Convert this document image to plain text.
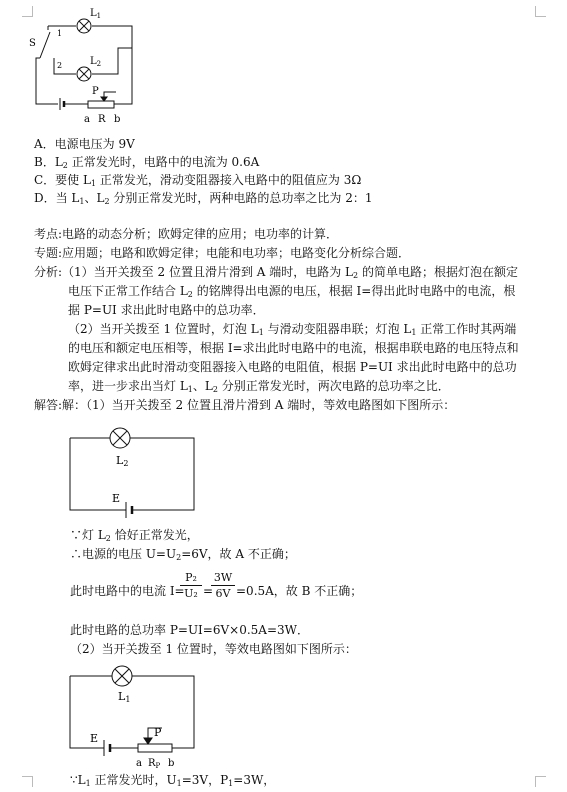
$L_1$
$L_2$
S
1
2
P
a R b
A．电源电压为 9V
B．$L_2$ 正常发光时，电路中的电流为 0.6A
C．要使 $L_1$ 正常发光，滑动变阻器接入电路中的阻值应为 3Ω
D．当 $L_1$、$L_2$ 分别正常发光时，两种电路的总功率之比为 2：1
考点:电路的动态分析；欧姆定律的应用；电功率的计算．
专题:应用题；电路和欧姆定律；电能和电功率；电路变化分析综合题．
分析:（1）当开关拨至 2 位置且滑片滑到 A 端时，电路为 $L_2$ 的简单电路；根据灯泡在额定
电压下正常工作结合 $L_2$ 的铭牌得出电源的电压，根据 I=得出此时电路中的电流，根
据 P=UI 求出此时电路中的总功率．
（2）当开关拨至 1 位置时，灯泡 $L_1$ 与滑动变阻器串联；灯泡 $L_1$ 正常工作时其两端
的电压和额定电压相等，根据 I=求出此时电路中的电流，根据串联电路的电压特点和
欧姆定律求出此时滑动变阻器接入电路的电阻值，根据 P=UI 求出此时电路中的总功
率，进一步求出当灯 $L_1$、$L_2$ 分别正常发光时，两次电路的总功率之比．
解答:解：（1）当开关拨至 2 位置且滑片滑到 A 端时，等效电路图如下图所示：
L2
E
∵灯 $L_2$ 恰好正常发光，
∴电源的电压 $U=U_2=6V$，故 A 不正确；
此时电路中的电流 I=
P₂
U₂ =
3W
6V =0.5A，故 B 不正确；
此时电路的总功率 P=UI=6V×0.5A=3W．
（2）当开关拨至 1 位置时，等效电路图如下图所示：
L1
E	P
a $R_P$ b
$\because L_1$ 正常发光时，$U_1=3V$，$P_1=3W$，
